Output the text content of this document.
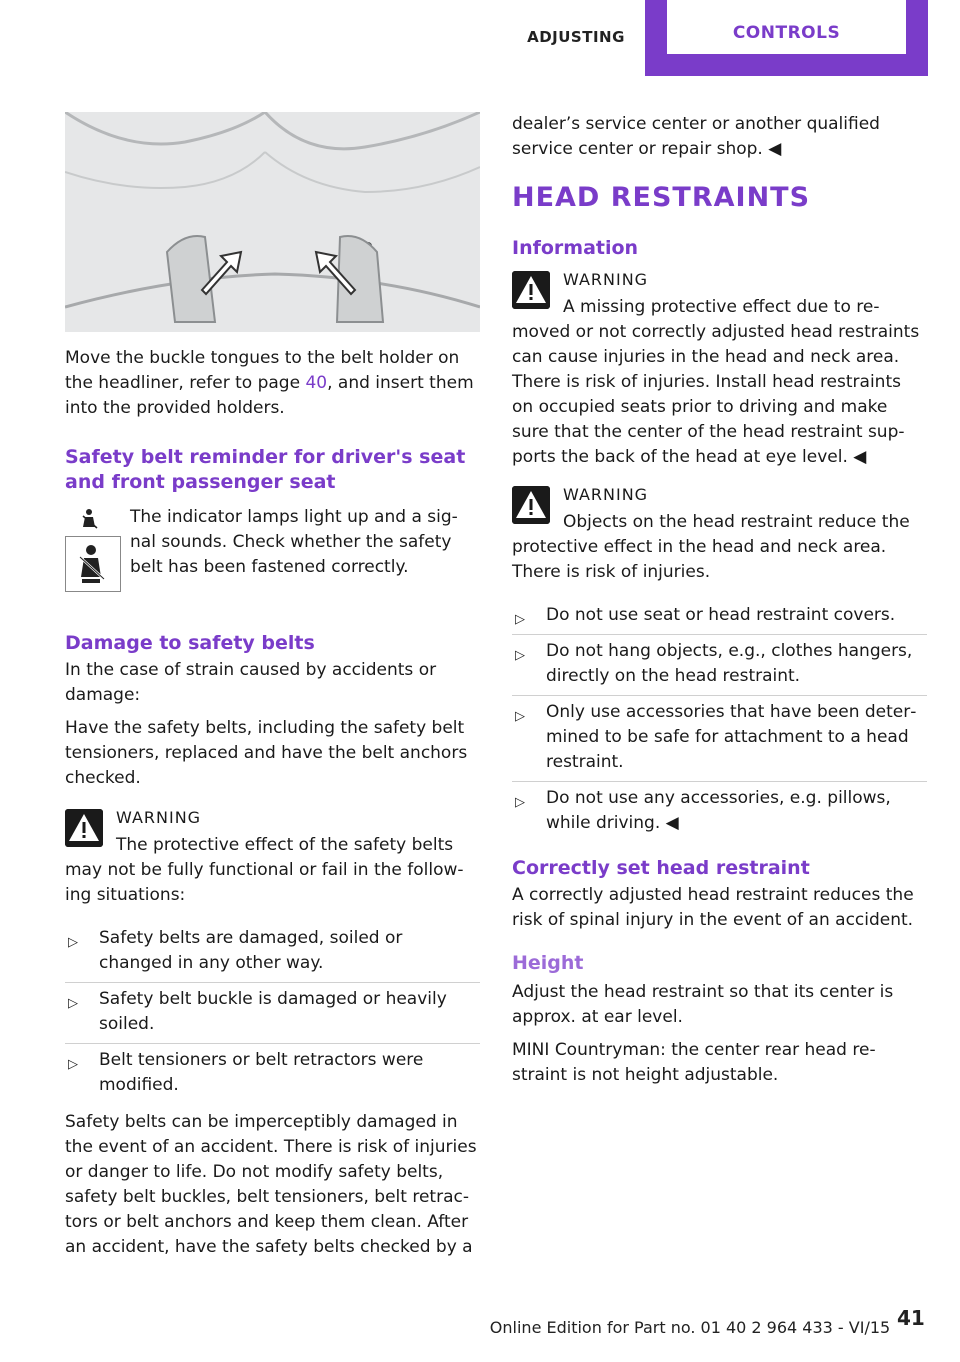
ADJUSTING	CONTROLS

Move the buckle tongues to the belt holder on the headliner, refer to page 40, and insert them into the provided holders.

Safety belt reminder for driver's seat and front passenger seat

The indicator lamps light up and a sig‐ nal sounds. Check whether the safety belt has been fastened correctly.

Damage to safety belts

In the case of strain caused by accidents or damage:

Have the safety belts, including the safety belt tensioners, replaced and have the belt anchors checked.

WARNING

The protective effect of the safety belts may not be fully functional or fail in the follow‐ ing situations:

▷ Safety belts are damaged, soiled or changed in any other way.
▷ Safety belt buckle is damaged or heavily soiled.
▷ Belt tensioners or belt retractors were modified.

Safety belts can be imperceptibly damaged in the event of an accident. There is risk of injuries or danger to life. Do not modify safety belts, safety belt buckles, belt tensioners, belt retrac‐ tors or belt anchors and keep them clean. After an accident, have the safety belts checked by a

dealer’s service center or another qualified service center or repair shop. ◀

HEAD RESTRAINTS
Information
WARNING

A missing protective effect due to re‐ moved or not correctly adjusted head restraints can cause injuries in the head and neck area. There is risk of injuries. Install head restraints on occupied seats prior to driving and make sure that the center of the head restraint sup‐ ports the back of the head at eye level. ◀

WARNING

Objects on the head restraint reduce the protective effect in the head and neck area. There is risk of injuries.

▷ Do not use seat or head restraint covers.
▷ Do not hang objects, e.g., clothes hangers, directly on the head restraint.
▷ Only use accessories that have been deter‐ mined to be safe for attachment to a head restraint.
▷ Do not use any accessories, e.g. pillows, while driving. ◀
Correctly set head restraint

A correctly adjusted head restraint reduces the risk of spinal injury in the event of an accident.

Height

Adjust the head restraint so that its center is approx. at ear level.

MINI Countryman: the center rear head re‐ straint is not height adjustable.

Online Edition for Part no. 01 40 2 964 433 - VI/15 41
